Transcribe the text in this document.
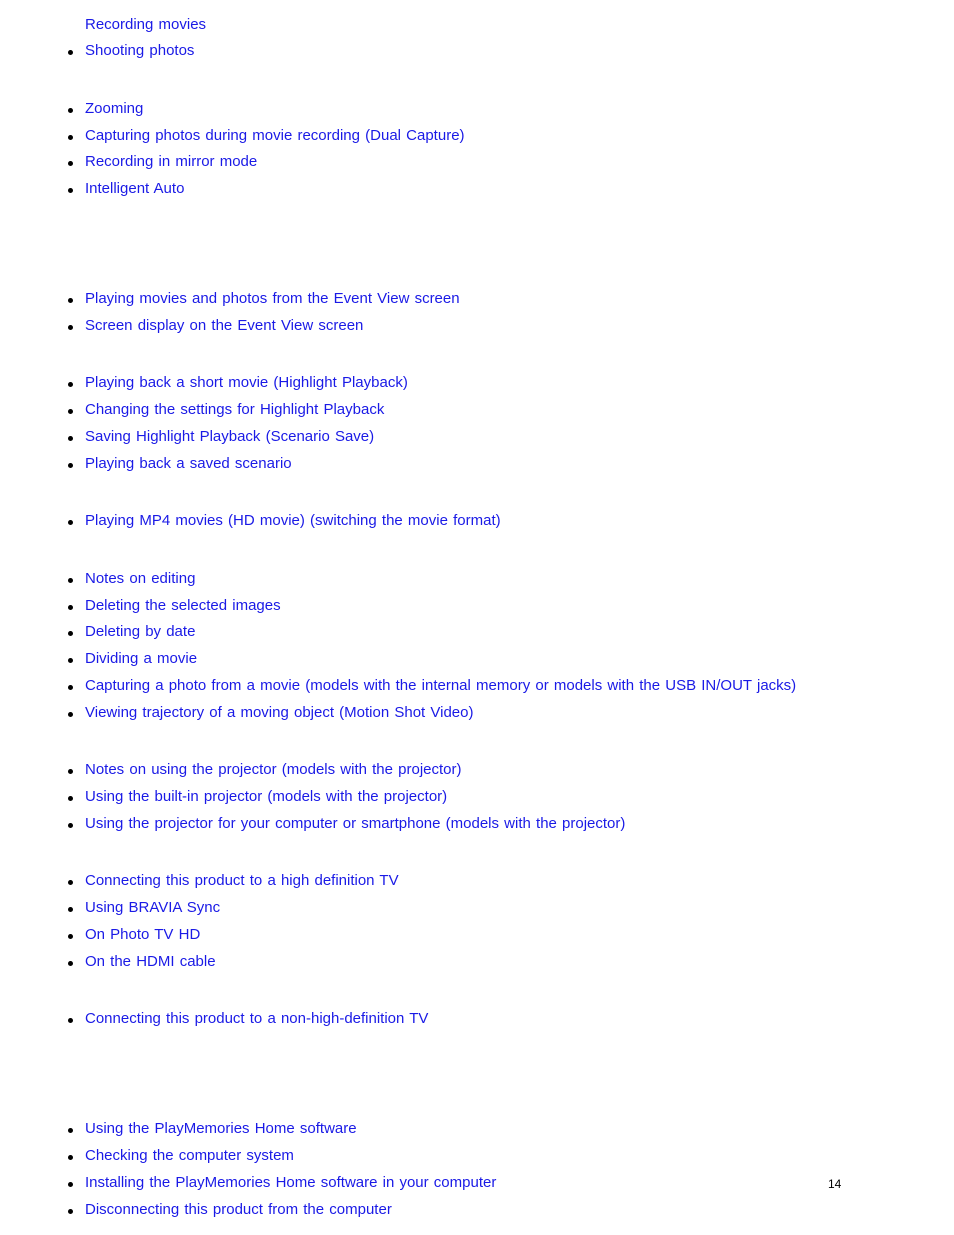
Recording movies
Shooting photos
Zooming
Capturing photos during movie recording (Dual Capture)
Recording in mirror mode
Intelligent Auto
Playing movies and photos from the Event View screen
Screen display on the Event View screen
Playing back a short movie (Highlight Playback)
Changing the settings for Highlight Playback
Saving Highlight Playback (Scenario Save)
Playing back a saved scenario
Playing MP4 movies (HD movie) (switching the movie format)
Notes on editing
Deleting the selected images
Deleting by date
Dividing a movie
Capturing a photo from a movie (models with the internal memory or models with the USB IN/OUT jacks)
Viewing trajectory of a moving object (Motion Shot Video)
Notes on using the projector (models with the projector)
Using the built-in projector (models with the projector)
Using the projector for your computer or smartphone (models with the projector)
Connecting this product to a high definition TV
Using BRAVIA Sync
On Photo TV HD
On the HDMI cable
Connecting this product to a non-high-definition TV
Using the PlayMemories Home software
Checking the computer system
Installing the PlayMemories Home software in your computer
Disconnecting this product from the computer
14
